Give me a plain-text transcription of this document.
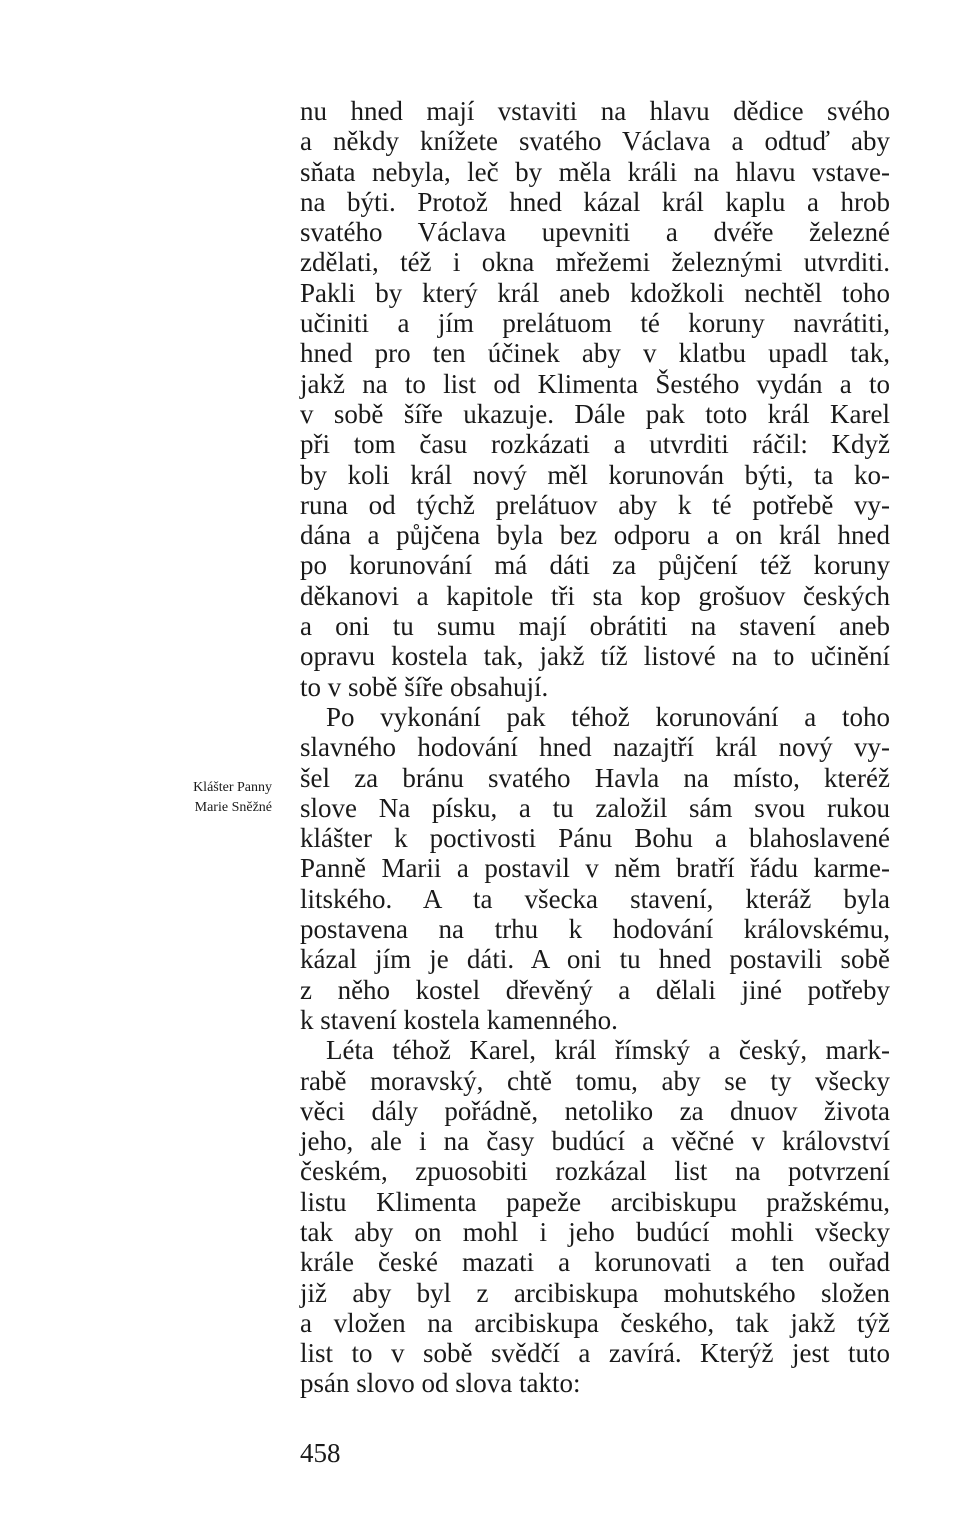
Klášter Panny
Marie Sněžné
nu hned mají vstaviti na hlavu dědice svého
a někdy knížete svatého Václava a odtuď aby
sňata nebyla, leč by měla králi na hlavu vstave-
na býti. Protož hned kázal král kaplu a hrob
svatého Václava upevniti a dvéře železné
zdělati, též i okna mřežemi železnými utvrditi.
Pakli by který král aneb kdožkoli nechtěl toho
učiniti a jím prelátuom té koruny navrátiti,
hned pro ten účinek aby v klatbu upadl tak,
jakž na to list od Klimenta Šestého vydán a to
v sobě šíře ukazuje. Dále pak toto král Karel
při tom času rozkázati a utvrditi ráčil: Když
by koli král nový měl korunován býti, ta ko-
runa od týchž prelátuov aby k té potřebě vy-
dána a půjčena byla bez odporu a on král hned
po korunování má dáti za půjčení též koruny
děkanovi a kapitole tři sta kop grošuov českých
a oni tu sumu mají obrátiti na stavení aneb
opravu kostela tak, jakž tíž listové na to učinění
to v sobě šíře obsahují.
Po vykonání pak téhož korunování a toho
slavného hodování hned nazajtří král nový vy-
šel za bránu svatého Havla na místo, kteréž
slove Na písku, a tu založil sám svou rukou
klášter k poctivosti Pánu Bohu a blahoslavené
Panně Marii a postavil v něm bratří řádu karme-
litského. A ta všecka stavení, kteráž byla
postavena na trhu k hodování královskému,
kázal jím je dáti. A oni tu hned postavili sobě
z něho kostel dřevěný a dělali jiné potřeby
k stavení kostela kamenného.
Léta téhož Karel, král římský a český, mark-
rabě moravský, chtě tomu, aby se ty všecky
věci dály pořádně, netoliko za dnuov života
jeho, ale i na časy budúcí a věčné v království
českém, zpuosobiti rozkázal list na potvrzení
listu Klimenta papeže arcibiskupu pražskému,
tak aby on mohl i jeho budúcí mohli všecky
krále české mazati a korunovati a ten ouřad
již aby byl z arcibiskupa mohutského složen
a vložen na arcibiskupa českého, tak jakž týž
list to v sobě svědčí a zavírá. Kterýž jest tuto
psán slovo od slova takto:
458
